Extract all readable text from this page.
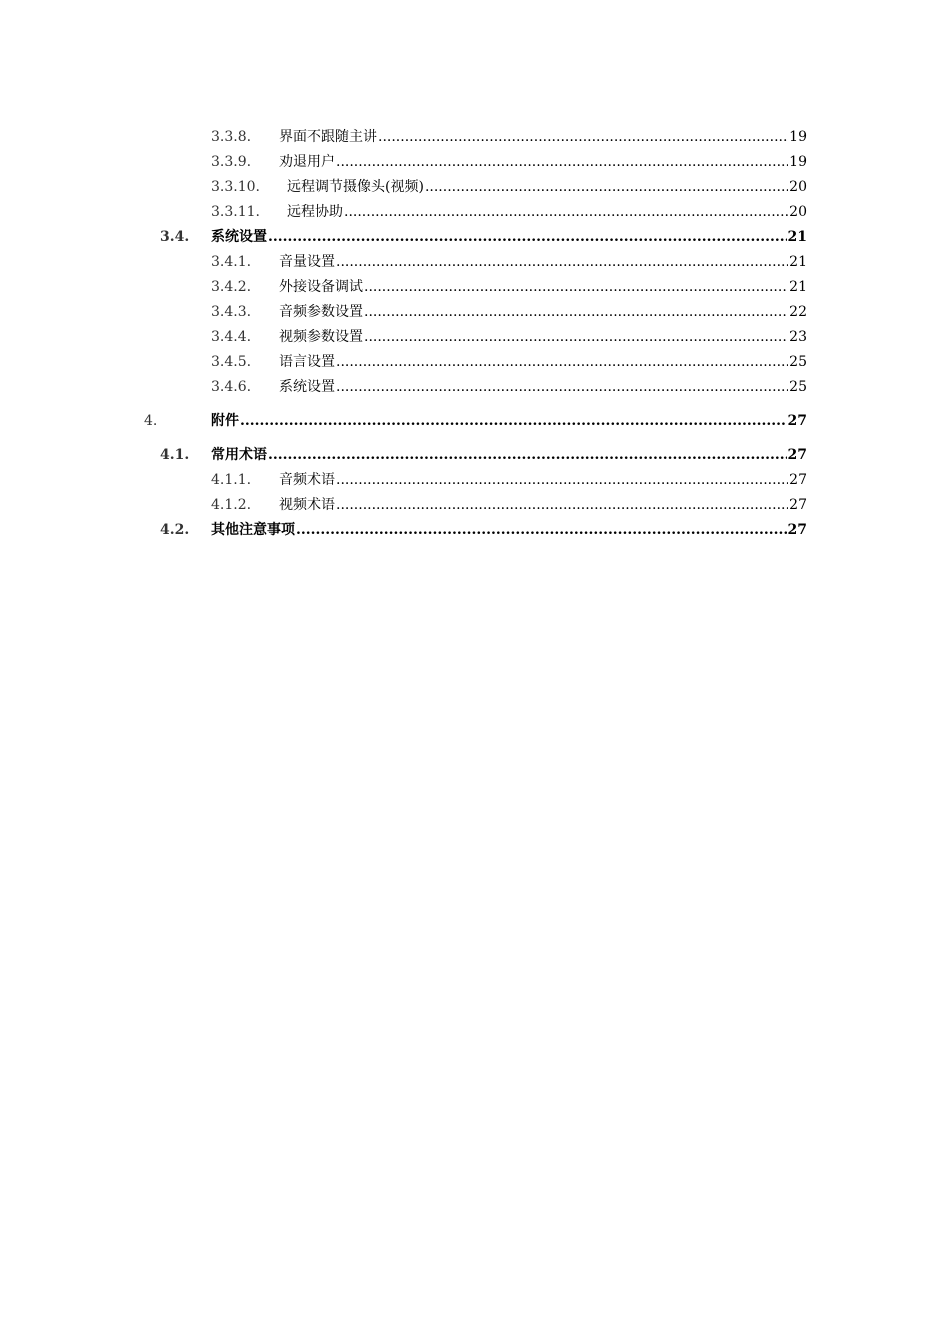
3.3.8.	界面不跟随主讲 .....	19
3.3.9.	劝退用户 .....	19
3.3.10.	远程调节摄像头(视频) .....	20
3.3.11.	远程协助 .....	20
3.4.	系统设置 .....	21
3.4.1.	音量设置 .....	21
3.4.2.	外接设备调试 .....	21
3.4.3.	音频参数设置 .....	22
3.4.4.	视频参数设置 .....	23
3.4.5.	语言设置 .....	25
3.4.6.	系统设置 .....	25
4.	附件 .....	27
4.1.	常用术语 .....	27
4.1.1.	音频术语 .....	27
4.1.2.	视频术语 .....	27
4.2.	其他注意事项 .....	27
